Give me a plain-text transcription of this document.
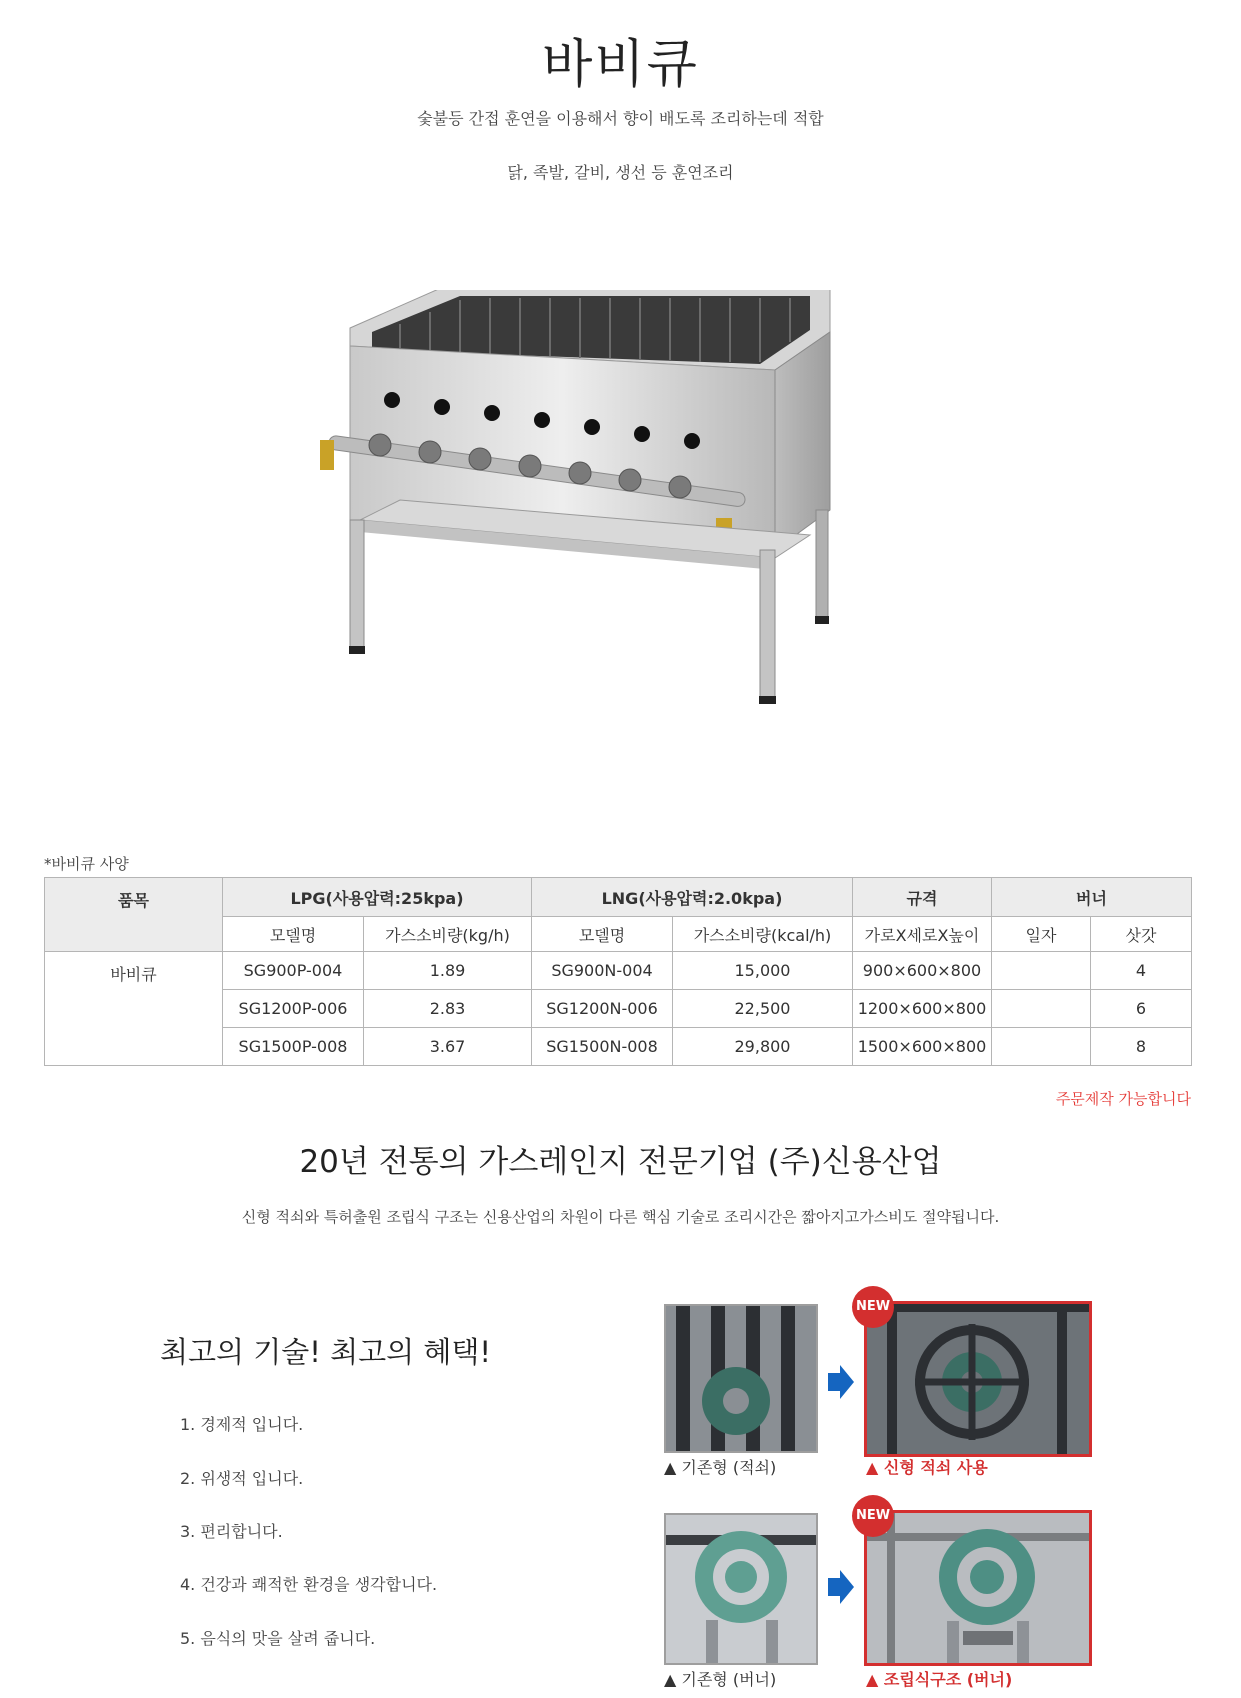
바비큐
숯불등 간접 훈연을 이용해서 향이 배도록 조리하는데 적합
닭, 족발, 갈비, 생선 등 훈연조리
*바비큐 사양
품목	LPG(사용압력:25kpa)		LNG(사용압력:2.0kpa)		규격	버너	
	모델명	가스소비량(kg/h)	모델명	가스소비량(kcal/h)	가로X세로X높이	일자	삿갓
바비큐	SG900P-004	1.89	SG900N-004	15,000	900×600×800		4
	SG1200P-006	2.83	SG1200N-006	22,500	1200×600×800		6
	SG1500P-008	3.67	SG1500N-008	29,800	1500×600×800		8
주문제작 가능합니다
20년 전통의 가스레인지 전문기업 (주)신용산업
신형 적쇠와 특허출원 조립식 구조는 신용산업의 차원이 다른 핵심 기술로 조리시간은 짧아지고가스비도 절약됩니다.
최고의 기술! 최고의 혜택!
1. 경제적 입니다.
2. 위생적 입니다.
3. 편리합니다.
4. 건강과 쾌적한 환경을 생각합니다.
5. 음식의 맛을 살려 줍니다.
▲ 기존형 (적쇠)
NEW
▲ 신형 적쇠 사용
▲ 기존형 (버너)
NEW
▲ 조립식구조 (버너)
